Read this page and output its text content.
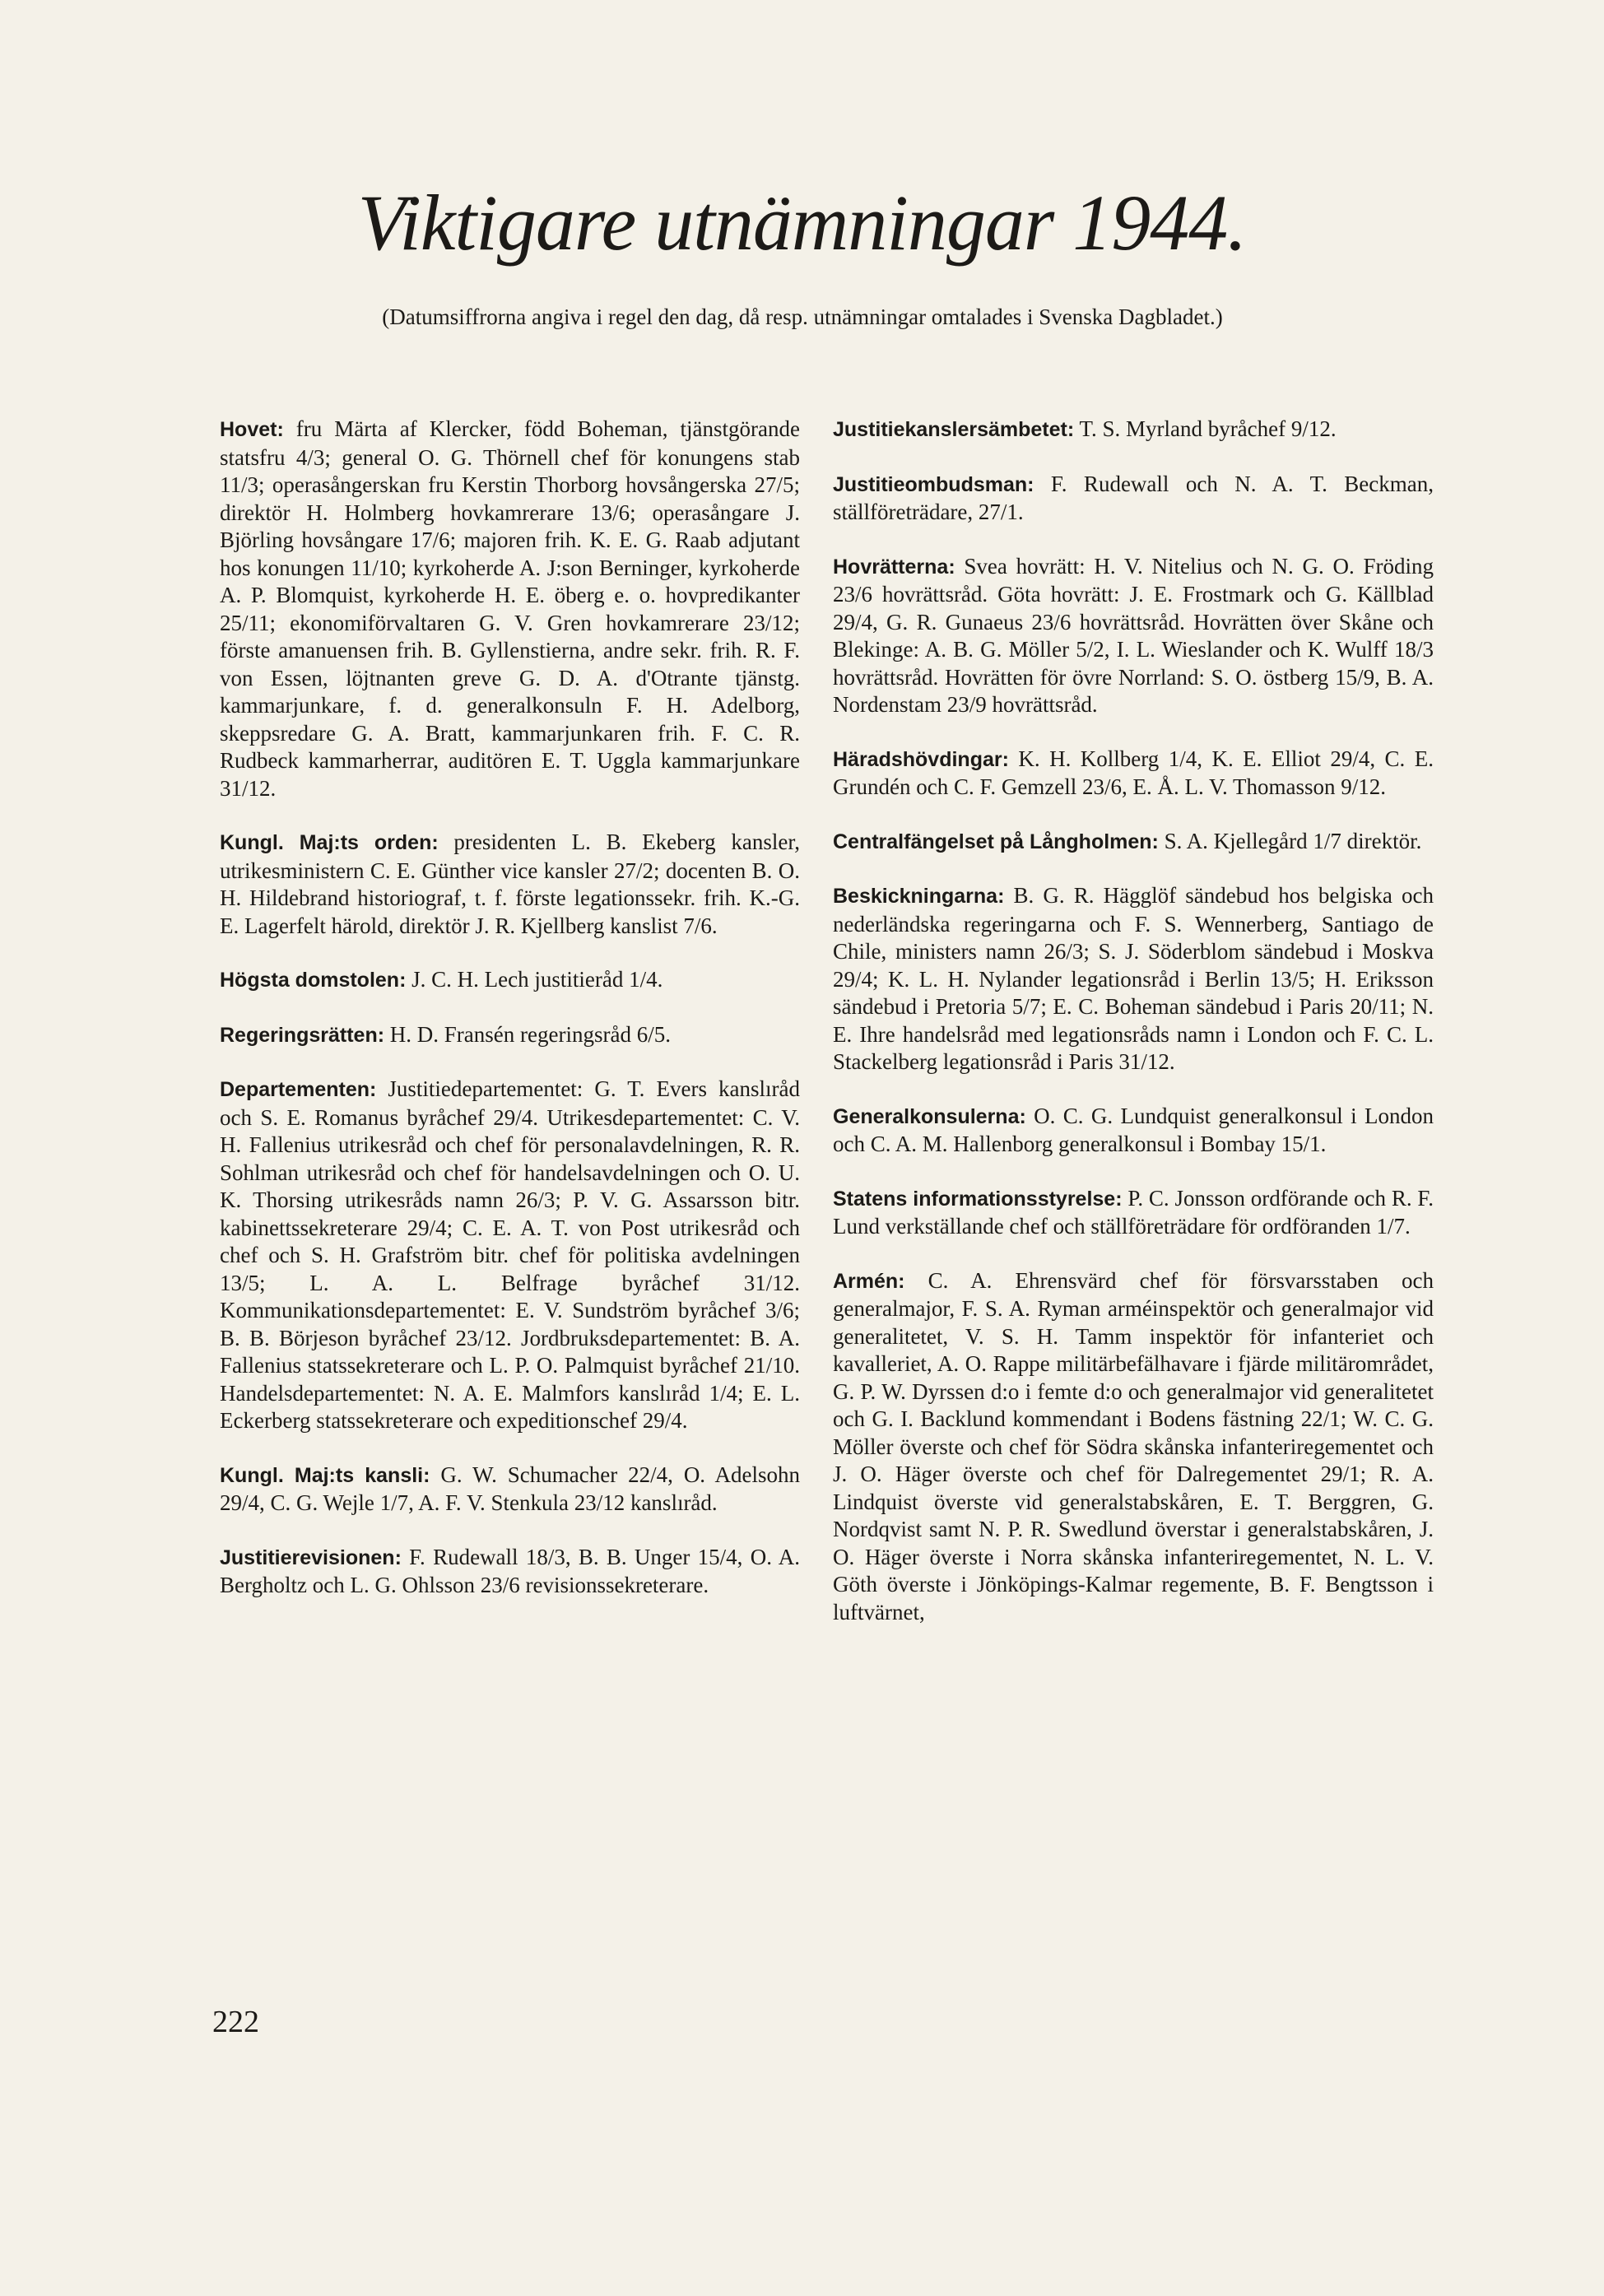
Viktigare utnämningar 1944.
(Datumsiffrorna angiva i regel den dag, då resp. utnämningar omtalades i Svenska Dagbladet.)

Hovet: fru Märta af Klercker, född Boheman, tjänstgörande statsfru 4/3; general O. G. Thörnell chef för konungens stab 11/3; operasångerskan fru Kerstin Thorborg hovsångerska 27/5; direktör H. Holmberg hovkamrerare 13/6; operasångare J. Björling hovsångare 17/6; majoren frih. K. E. G. Raab adjutant hos konungen 11/10; kyrkoherde A. J:son Berninger, kyrkoherde A. P. Blomquist, kyrkoherde H. E. öberg e. o. hovpredikanter 25/11; ekonomiförvaltaren G. V. Gren hovkamrerare 23/12; förste amanuensen frih. B. Gyllenstierna, andre sekr. frih. R. F. von Essen, löjtnanten greve G. D. A. d'Otrante tjänstg. kammarjunkare, f. d. generalkonsuln F. H. Adelborg, skeppsredare G. A. Bratt, kammarjunkaren frih. F. C. R. Rudbeck kammarherrar, auditören E. T. Uggla kammarjunkare 31/12.

Kungl. Maj:ts orden: presidenten L. B. Ekeberg kansler, utrikesministern C. E. Günther vice kansler 27/2; docenten B. O. H. Hildebrand historiograf, t. f. förste legationssekr. frih. K.-G. E. Lagerfelt härold, direktör J. R. Kjellberg kanslist 7/6.

Högsta domstolen: J. C. H. Lech justitieråd 1/4.

Regeringsrätten: H. D. Fransén regeringsråd 6/5.

Departementen: Justitiedepartementet: G. T. Evers kanslıråd och S. E. Romanus byråchef 29/4. Utrikesdepartementet: C. V. H. Fallenius utrikesråd och chef för personalavdelningen, R. R. Sohlman utrikesråd och chef för handelsavdelningen och O. U. K. Thorsing utrikesråds namn 26/3; P. V. G. Assarsson bitr. kabinettssekreterare 29/4; C. E. A. T. von Post utrikesråd och chef och S. H. Grafström bitr. chef för politiska avdelningen 13/5; L. A. L. Belfrage byråchef 31/12. Kommunikationsdepartementet: E. V. Sundström byråchef 3/6; B. B. Börjeson byråchef 23/12. Jordbruksdepartementet: B. A. Fallenius statssekreterare och L. P. O. Palmquist byråchef 21/10. Handelsdepartementet: N. A. E. Malmfors kanslıråd 1/4; E. L. Eckerberg statssekreterare och expeditionschef 29/4.

Kungl. Maj:ts kansli: G. W. Schumacher 22/4, O. Adelsohn 29/4, C. G. Wejle 1/7, A. F. V. Stenkula 23/12 kanslıråd.

Justitierevisionen: F. Rudewall 18/3, B. B. Unger 15/4, O. A. Bergholtz och L. G. Ohlsson 23/6 revisionssekreterare.

Justitiekanslersämbetet: T. S. Myrland byråchef 9/12.

Justitieombudsman: F. Rudewall och N. A. T. Beckman, ställföreträdare, 27/1.

Hovrätterna: Svea hovrätt: H. V. Nitelius och N. G. O. Fröding 23/6 hovrättsråd. Göta hovrätt: J. E. Frostmark och G. Källblad 29/4, G. R. Gunaeus 23/6 hovrättsråd. Hovrätten över Skåne och Blekinge: A. B. G. Möller 5/2, I. L. Wieslander och K. Wulff 18/3 hovrättsråd. Hovrätten för övre Norrland: S. O. östberg 15/9, B. A. Nordenstam 23/9 hovrättsråd.

Häradshövdingar: K. H. Kollberg 1/4, K. E. Elliot 29/4, C. E. Grundén och C. F. Gemzell 23/6, E. Å. L. V. Thomasson 9/12.

Centralfängelset på Långholmen: S. A. Kjellegård 1/7 direktör.

Beskickningarna: B. G. R. Hägglöf sändebud hos belgiska och nederländska regeringarna och F. S. Wennerberg, Santiago de Chile, ministers namn 26/3; S. J. Söderblom sändebud i Moskva 29/4; K. L. H. Nylander legationsråd i Berlin 13/5; H. Eriksson sändebud i Pretoria 5/7; E. C. Boheman sändebud i Paris 20/11; N. E. Ihre handelsråd med legationsråds namn i London och F. C. L. Stackelberg legationsråd i Paris 31/12.

Generalkonsulerna: O. C. G. Lundquist generalkonsul i London och C. A. M. Hallenborg generalkonsul i Bombay 15/1.

Statens informationsstyrelse: P. C. Jonsson ordförande och R. F. Lund verkställande chef och ställföreträdare för ordföranden 1/7.

Armén: C. A. Ehrensvärd chef för försvarsstaben och generalmajor, F. S. A. Ryman arméinspektör och generalmajor vid generalitetet, V. S. H. Tamm inspektör för infanteriet och kavalleriet, A. O. Rappe militärbefälhavare i fjärde militärområdet, G. P. W. Dyrssen d:o i femte d:o och generalmajor vid generalitetet och G. I. Backlund kommendant i Bodens fästning 22/1; W. C. G. Möller överste och chef för Södra skånska infanteriregementet och J. O. Häger överste och chef för Dalregementet 29/1; R. A. Lindquist överste vid generalstabskåren, E. T. Berggren, G. Nordqvist samt N. P. R. Swedlund överstar i generalstabskåren, J. O. Häger överste i Norra skånska infanteriregementet, N. L. V. Göth överste i Jönköpings-Kalmar regemente, B. F. Bengtsson i luftvärnet,

222
